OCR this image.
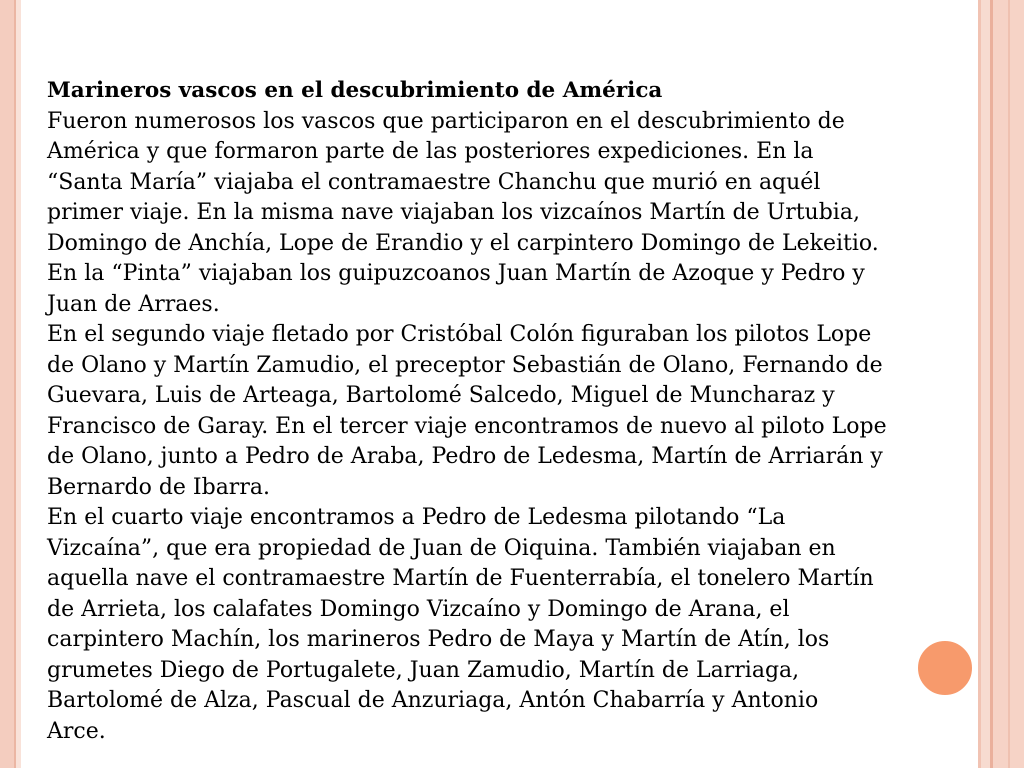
Marineros vascos en el descubrimiento de América

Fueron numerosos los vascos que participaron en el descubrimiento de
América y que formaron parte de las posteriores expediciones. En la
“Santa María” viajaba el contramaestre Chanchu que murió en aquél
primer viaje. En la misma nave viajaban los vizcaínos Martín de Urtubia,
Domingo de Anchía, Lope de Erandio y el carpintero Domingo de Lekeitio.
En la “Pinta” viajaban los guipuzcoanos Juan Martín de Azoque y Pedro y
Juan de Arraes.

En el segundo viaje fletado por Cristóbal Colón figuraban los pilotos Lope
de Olano y Martín Zamudio, el preceptor Sebastián de Olano, Fernando de
Guevara, Luis de Arteaga, Bartolomé Salcedo, Miguel de Muncharaz y
Francisco de Garay. En el tercer viaje encontramos de nuevo al piloto Lope
de Olano, junto a Pedro de Araba, Pedro de Ledesma, Martín de Arriarán y
Bernardo de Ibarra.

En el cuarto viaje encontramos a Pedro de Ledesma pilotando “La
Vizcaína”, que era propiedad de Juan de Oiquina. También viajaban en
aquella nave el contramaestre Martín de Fuenterrabía, el tonelero Martín
de Arrieta, los calafates Domingo Vizcaíno y Domingo de Arana, el
carpintero Machín, los marineros Pedro de Maya y Martín de Atín, los
grumetes Diego de Portugalete, Juan Zamudio, Martín de Larriaga,
Bartolomé de Alza, Pascual de Anzuriaga, Antón Chabarría y Antonio
Arce.
